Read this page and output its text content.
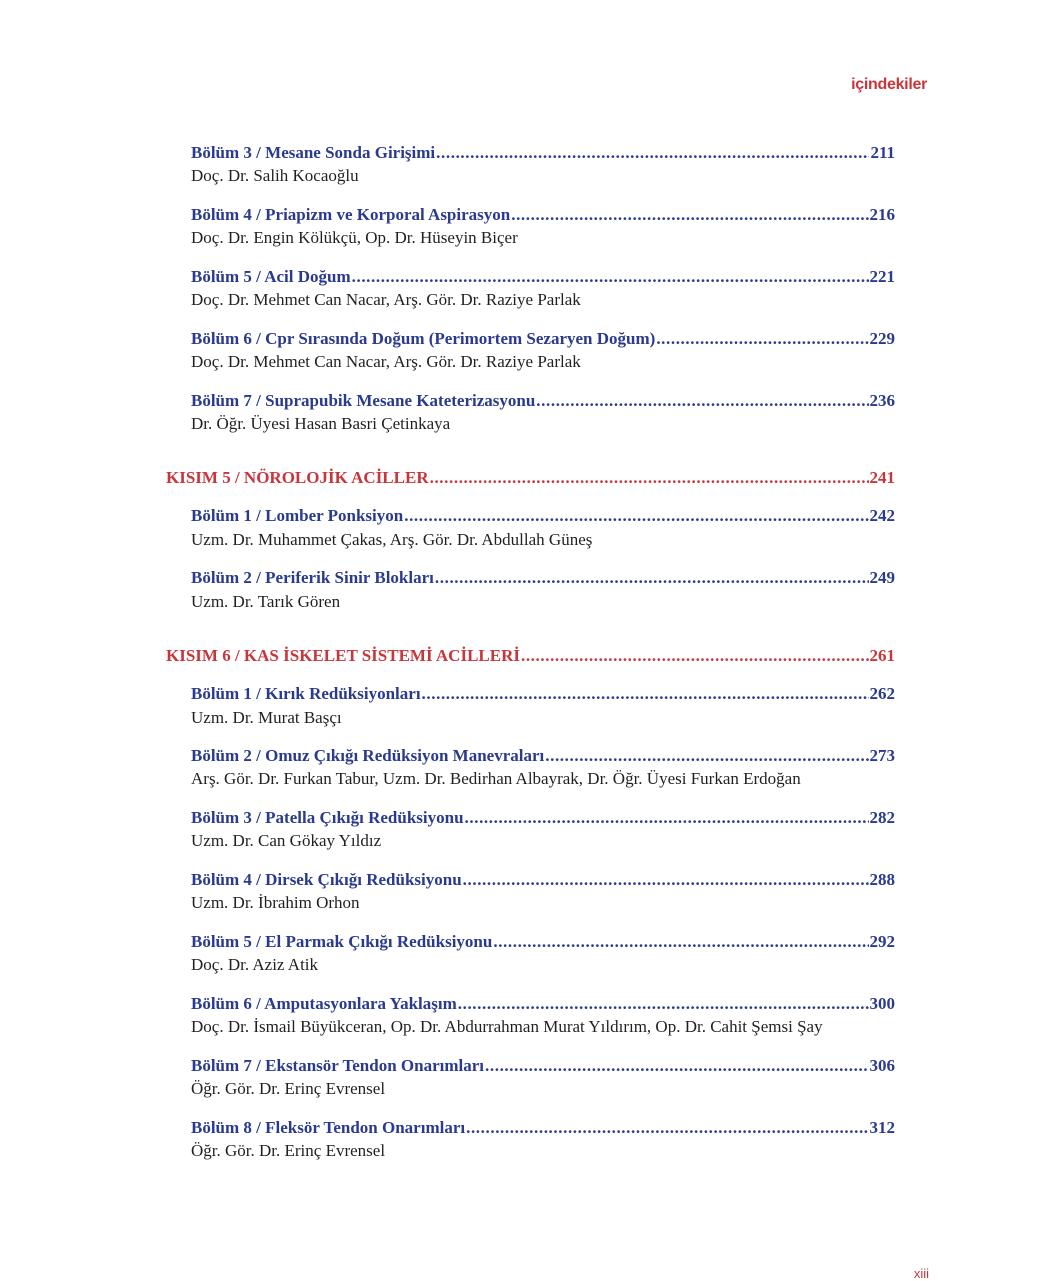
içindekiler
Bölüm 3 / Mesane Sonda Girişimi .....	211
Doç. Dr. Salih Kocaoğlu
Bölüm 4 / Priapizm ve Korporal Aspirasyon .....	216
Doç. Dr. Engin Kölükçü, Op. Dr. Hüseyin Biçer
Bölüm 5 / Acil Doğum .....	221
Doç. Dr. Mehmet Can Nacar, Arş. Gör. Dr. Raziye Parlak
Bölüm 6 / Cpr Sırasında Doğum (Perimortem Sezaryen Doğum) .....	229
Doç. Dr. Mehmet Can Nacar, Arş. Gör. Dr. Raziye Parlak
Bölüm 7 / Suprapubik Mesane Kateterizasyonu .....	236
Dr. Öğr. Üyesi Hasan Basri Çetinkaya
KISIM 5 / NÖROLOJİK ACİLLER .....	241
Bölüm 1 / Lomber Ponksiyon .....	242
Uzm. Dr. Muhammet Çakas, Arş. Gör. Dr. Abdullah Güneş
Bölüm 2 / Periferik Sinir Blokları .....	249
Uzm. Dr. Tarık Gören
KISIM 6 / KAS İSKELET SİSTEMİ ACİLLERİ .....	261
Bölüm 1 / Kırık Redüksiyonları .....	262
Uzm. Dr. Murat Başçı
Bölüm 2 / Omuz Çıkığı Redüksiyon Manevraları .....	273
Arş. Gör. Dr. Furkan Tabur, Uzm. Dr. Bedirhan Albayrak, Dr. Öğr. Üyesi Furkan Erdoğan
Bölüm 3 / Patella Çıkığı Redüksiyonu .....	282
Uzm. Dr. Can Gökay Yıldız
Bölüm 4 / Dirsek Çıkığı Redüksiyonu .....	288
Uzm. Dr. İbrahim Orhon
Bölüm 5 / El Parmak Çıkığı Redüksiyonu .....	292
Doç. Dr. Aziz Atik
Bölüm 6 / Amputasyonlara Yaklaşım .....	300
Doç. Dr. İsmail Büyükceran, Op. Dr. Abdurrahman Murat Yıldırım, Op. Dr. Cahit Şemsi Şay
Bölüm 7 / Ekstansör Tendon Onarımları .....	306
Öğr. Gör. Dr. Erinç Evrensel
Bölüm 8 / Fleksör Tendon Onarımları .....	312
Öğr. Gör. Dr. Erinç Evrensel
xiii
